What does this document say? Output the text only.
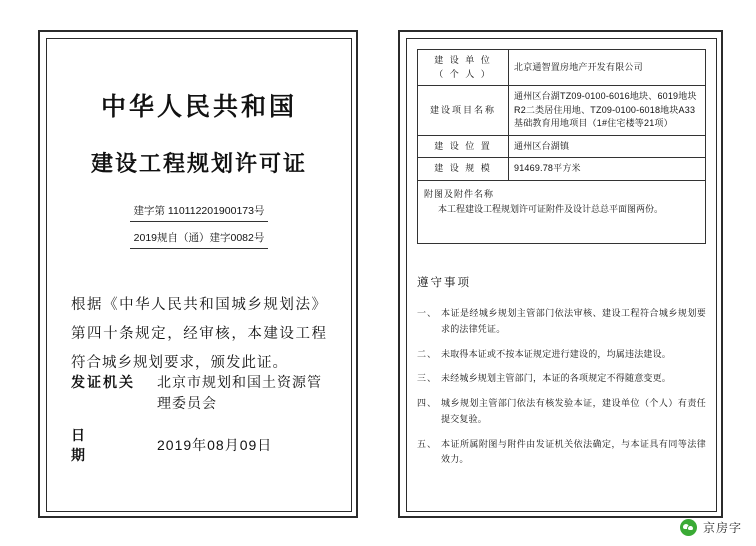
中华人民共和国
建设工程规划许可证
建字第 110112201900173号
2019规自（通）建字0082号
根据《中华人民共和国城乡规划法》第四十条规定，经审核，本建设工程符合城乡规划要求，颁发此证。
发证机关	北京市规划和国土资源管理委员会
日　期
2019年08月09日
建 设 单 位
（ 个 人 ）	北京通智置房地产开发有限公司
建设项目名称	通州区台湖TZ09-0100-6016地块、6019地块R2二类居住用地、TZ09-0100-6018地块A33基础教育用地项目（1#住宅楼等21项）
建 设 位 置	通州区台湖镇
建 设 规 模	91469.78平方米
附图及附件名称
本工程建设工程规划许可证附件及设计总总平面图两份。
遵守事项
一、 本证是经城乡规划主管部门依法审核、建设工程符合城乡规划要求的法律凭证。
二、 未取得本证或不按本证规定进行建设的，均属违法建设。
三、 未经城乡规划主管部门，本证的各项规定不得随意变更。
四、 城乡规划主管部门依法有核发验本证，建设单位（个人）有责任提交复验。
五、 本证所属附图与附件由发证机关依法确定，与本证具有同等法律效力。
京房字
